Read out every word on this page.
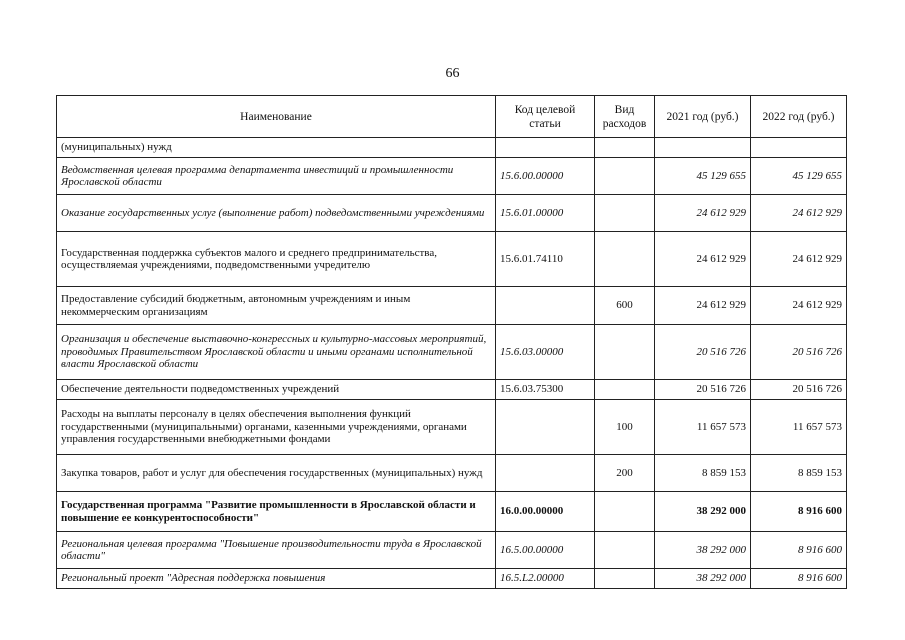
66
Наименование	Код целевой статьи	Вид расходов	2021 год (руб.)	2022 год (руб.)
(муниципальных) нужд				
Ведомственная целевая программа департамента инвестиций и промышленности Ярославской области	15.6.00.00000		45 129 655	45 129 655
Оказание государственных услуг (выполнение работ) подведомственными учреждениями	15.6.01.00000		24 612 929	24 612 929
Государственная поддержка субъектов малого и среднего предпринимательства, осуществляемая учреждениями, подведомственными учредителю	15.6.01.74110		24 612 929	24 612 929
Предоставление субсидий бюджетным, автономным учреждениям и иным некоммерческим организациям		600	24 612 929	24 612 929
Организация и обеспечение выставочно-конгрессных и культурно-массовых мероприятий, проводимых Правительством Ярославской области и иными органами исполнительной власти Ярославской области	15.6.03.00000		20 516 726	20 516 726
Обеспечение деятельности подведомственных учреждений	15.6.03.75300		20 516 726	20 516 726
Расходы на выплаты персоналу в целях обеспечения выполнения функций государственными (муниципальными) органами, казенными учреждениями, органами управления государственными внебюджетными фондами		100	11 657 573	11 657 573
Закупка товаров, работ и услуг для обеспечения государственных (муниципальных) нужд		200	8 859 153	8 859 153
Государственная программа "Развитие промышленности в Ярославской области и повышение ее конкурентоспособности"	16.0.00.00000		38 292 000	8 916 600
Региональная целевая программа "Повышение производительности труда в Ярославской области"	16.5.00.00000		38 292 000	8 916 600
Региональный проект "Адресная поддержка повышения	16.5.L2.00000		38 292 000	8 916 600
